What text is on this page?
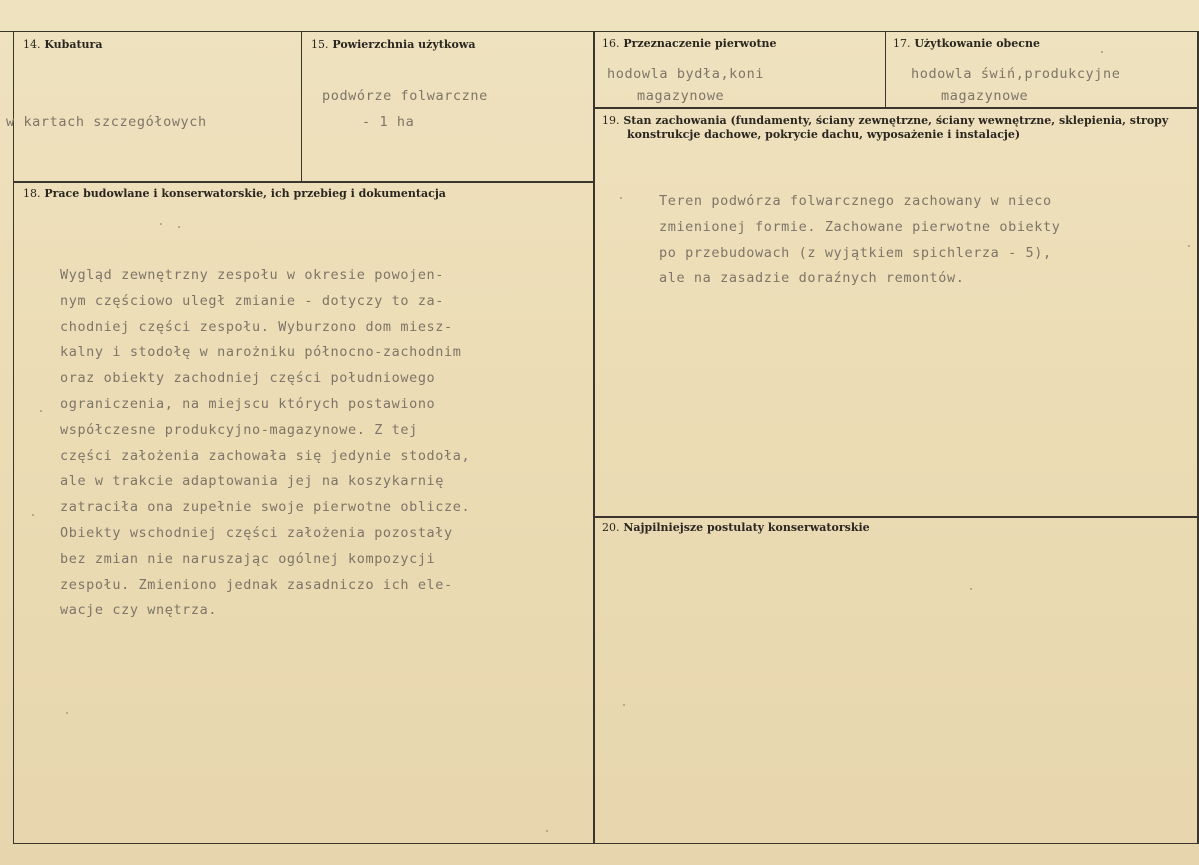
14. Kubatura
w kartach szczegółowych
15. Powierzchnia użytkowa
podwórze folwarczne
- 1 ha
16. Przeznaczenie pierwotne
hodowla bydła,koni
magazynowe
17. Użytkowanie obecne
hodowla świń,produkcyjne
magazynowe
19. Stan zachowania (fundamenty, ściany zewnętrzne, ściany wewnętrzne, sklepienia, stropy
konstrukcje dachowe, pokrycie dachu, wyposażenie i instalacje)
Teren podwórza folwarcznego zachowany w nieco
zmienionej formie. Zachowane pierwotne obiekty
po przebudowach (z wyjątkiem spichlerza - 5),
ale na zasadzie doraźnych remontów.
18. Prace budowlane i konserwatorskie, ich przebieg i dokumentacja
Wygląd zewnętrzny zespołu w okresie powojen-
nym częściowo uległ zmianie - dotyczy to za-
chodniej części zespołu. Wyburzono dom miesz-
kalny i stodołę w narożniku północno-zachodnim
oraz obiekty zachodniej części południowego
ograniczenia, na miejscu których postawiono
współczesne produkcyjno-magazynowe. Z tej
części założenia zachowała się jedynie stodoła,
ale w trakcie adaptowania jej na koszykarnię
zatraciła ona zupełnie swoje pierwotne oblicze.
Obiekty wschodniej części założenia pozostały
bez zmian nie naruszając ogólnej kompozycji
zespołu. Zmieniono jednak zasadniczo ich ele-
wacje czy wnętrza.
20. Najpilniejsze postulaty konserwatorskie
